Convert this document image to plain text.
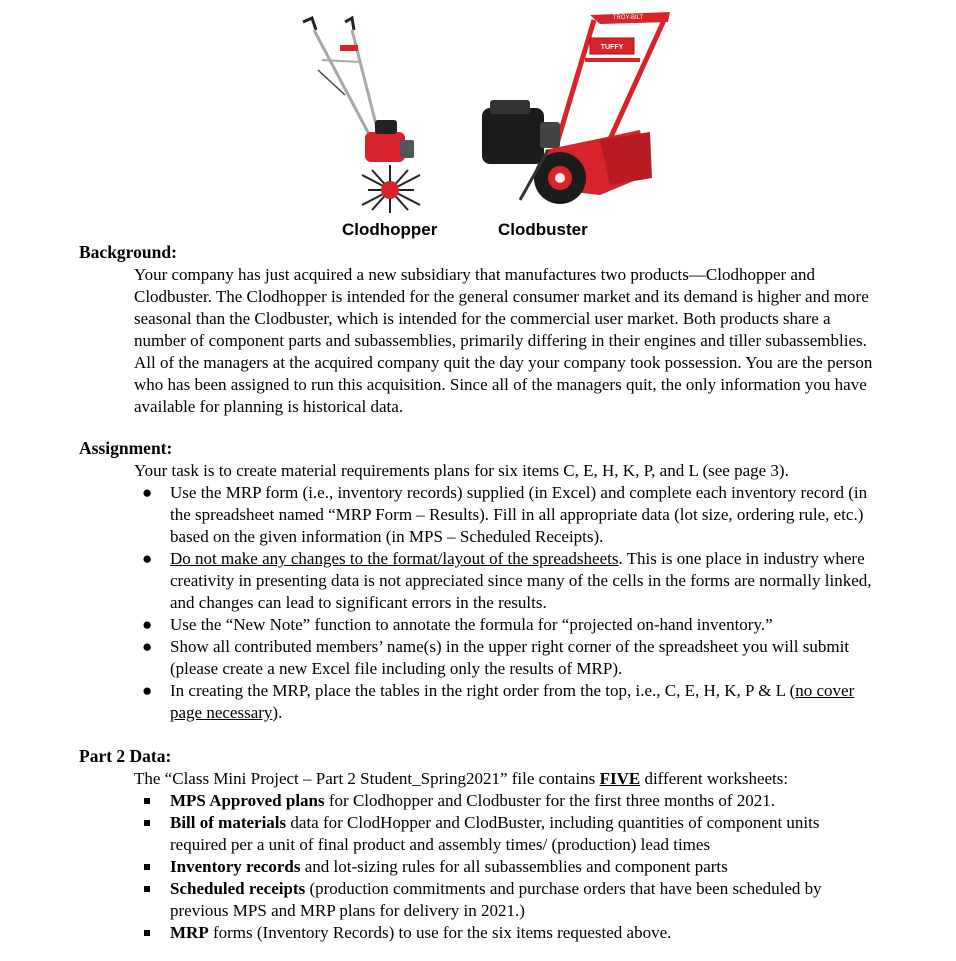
TUFFY
TROY-BILT
Clodhopper	Clodbuster
Background:

Your company has just acquired a new subsidiary that manufactures two products—Clodhopper and Clodbuster. The Clodhopper is intended for the general consumer market and its demand is higher and more seasonal than the Clodbuster, which is intended for the commercial user market. Both products share a number of component parts and subassemblies, primarily differing in their engines and tiller subassemblies. All of the managers at the acquired company quit the day your company took possession. You are the person who has been assigned to run this acquisition. Since all of the managers quit, the only information you have available for planning is historical data.

Assignment:
Your task is to create material requirements plans for six items C, E, H, K, P, and L (see page 3).
● Use the MRP form (i.e., inventory records) supplied (in Excel) and complete each inventory record (in the spreadsheet named “MRP Form – Results). Fill in all appropriate data (lot size, ordering rule, etc.) based on the given information (in MPS – Scheduled Receipts).
● Do not make any changes to the format/layout of the spreadsheets. This is one place in industry where creativity in presenting data is not appreciated since many of the cells in the forms are normally linked, and changes can lead to significant errors in the results.
● Use the “New Note” function to annotate the formula for “projected on-hand inventory.”
● Show all contributed members’ name(s) in the upper right corner of the spreadsheet you will submit (please create a new Excel file including only the results of MRP).
● In creating the MRP, place the tables in the right order from the top, i.e., C, E, H, K, P & L (no cover page necessary).
Part 2 Data:
The “Class Mini Project – Part 2 Student_Spring2021” file contains FIVE different worksheets:
MPS Approved plans for Clodhopper and Clodbuster for the first three months of 2021.
Bill of materials data for ClodHopper and ClodBuster, including quantities of component units required per a unit of final product and assembly times/ (production) lead times
Inventory records and lot-sizing rules for all subassemblies and component parts
Scheduled receipts (production commitments and purchase orders that have been scheduled by previous MPS and MRP plans for delivery in 2021.)
MRP forms (Inventory Records) to use for the six items requested above.
